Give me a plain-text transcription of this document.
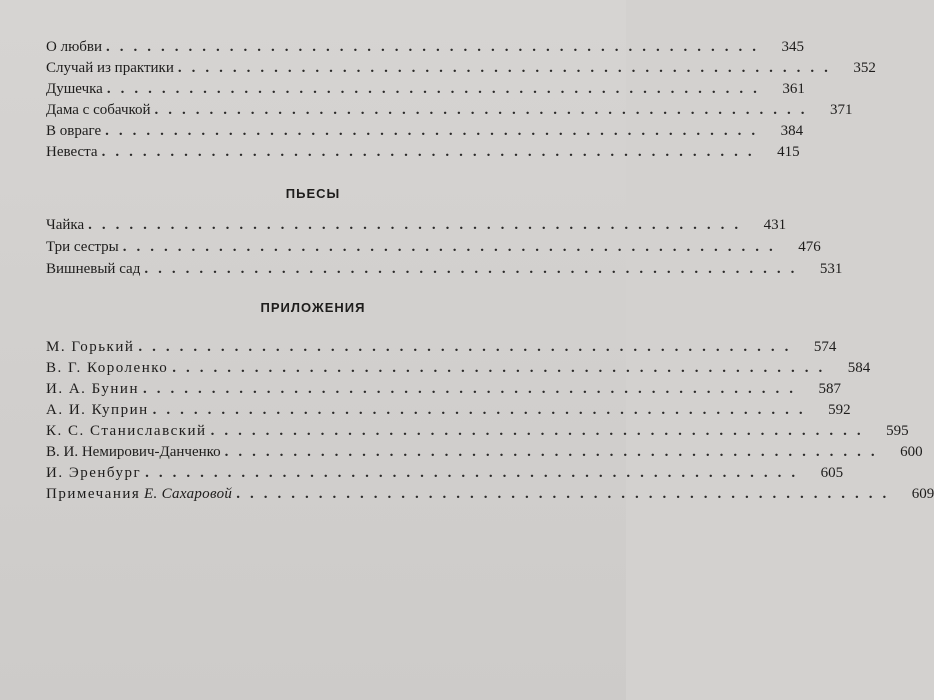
О любви ................................................	345
Случай из практики ................................................	352
Душечка ................................................	361
Дама с собачкой ................................................	371
В овраге ................................................	384
Невеста ................................................	415
ПЬЕСЫ
Чайка ................................................	431
Три сестры ................................................	476
Вишневый сад ................................................	531
ПРИЛОЖЕНИЯ
М. Горький ................................................	574
В. Г. Короленко ................................................	584
И. А. Бунин ................................................	587
А. И. Куприн ................................................	592
К. С. Станиславский ................................................	595
В. И. Немирович-Данченко ................................................	600
И. Эренбург ................................................	605
Примечания Е. Сахаровой ................................................	609
